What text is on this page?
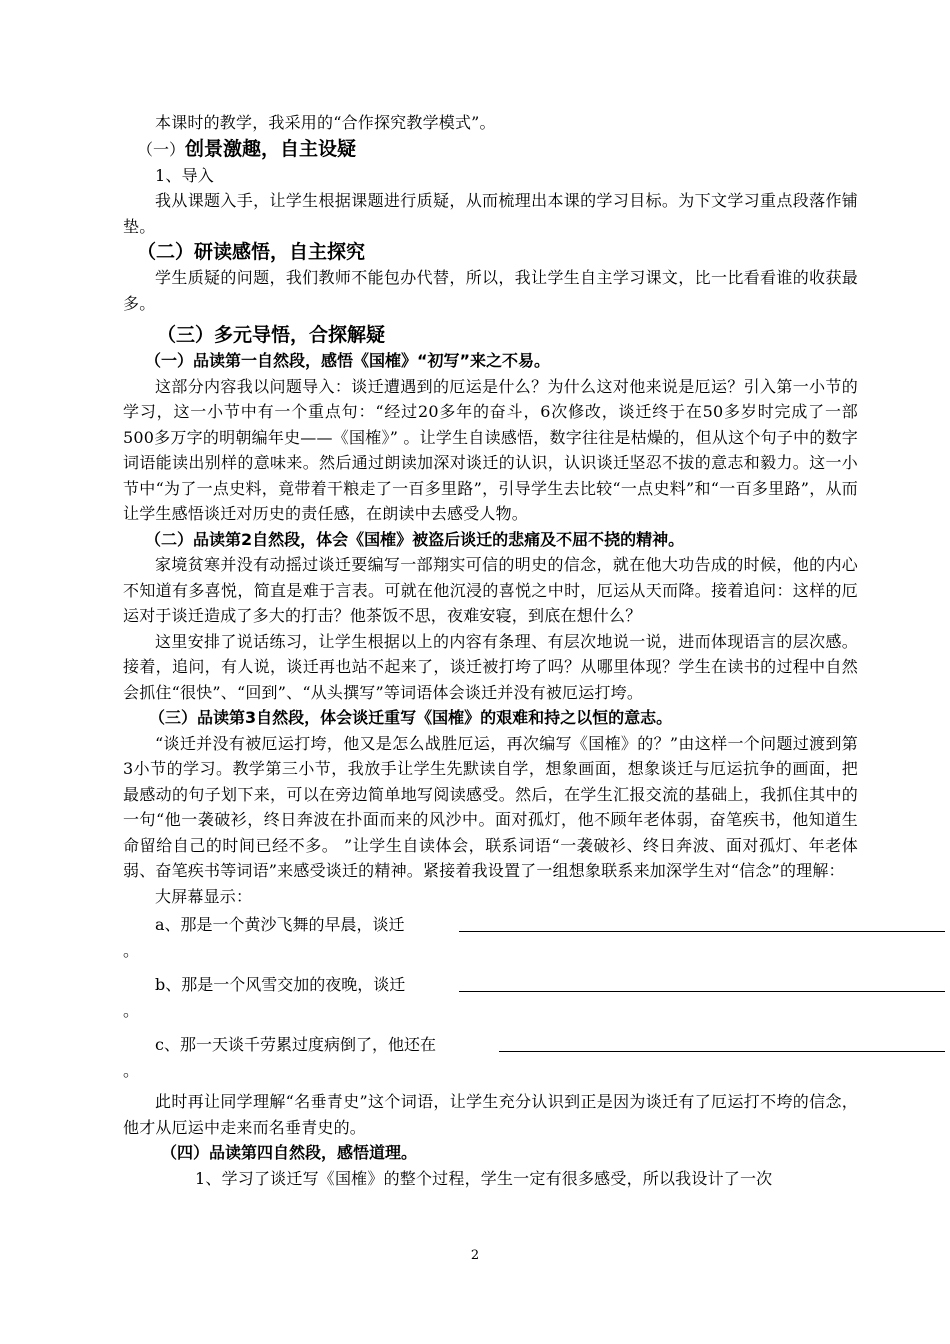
本课时的教学，我采用的“合作探究教学模式”。

（一）创景激趣，自主设疑

1、导入

我从课题入手，让学生根据课题进行质疑，从而梳理出本课的学习目标。为下文学习重点段落作铺垫。

（二）研读感悟，自主探究

学生质疑的问题，我们教师不能包办代替，所以，我让学生自主学习课文，比一比看看谁的收获最多。

（三）多元导悟，合探解疑
（一）品读第一自然段，感悟《国榷》“初写”来之不易。

这部分内容我以问题导入：谈迁遭遇到的厄运是什么？为什么这对他来说是厄运？引入第一小节的学习，这一小节中有一个重点句：“经过20多年的奋斗，6次修改，谈迁终于在50多岁时完成了一部500多万字的明朝编年史——《国榷》” 。让学生自读感悟，数字往往是枯燥的，但从这个句子中的数字词语能读出别样的意味来。然后通过朗读加深对谈迁的认识，认识谈迁坚忍不拔的意志和毅力。这一小节中“为了一点史料，竟带着干粮走了一百多里路”，引导学生去比较“一点史料”和“一百多里路”，从而让学生感悟谈迁对历史的责任感，在朗读中去感受人物。

（二）品读第2自然段，体会《国榷》被盗后谈迁的悲痛及不屈不挠的精神。

家境贫寒并没有动摇过谈迁要编写一部翔实可信的明史的信念，就在他大功告成的时候，他的内心不知道有多喜悦，简直是难于言表。可就在他沉浸的喜悦之中时，厄运从天而降。接着追问：这样的厄运对于谈迁造成了多大的打击？他茶饭不思，夜难安寝，到底在想什么？

这里安排了说话练习，让学生根据以上的内容有条理、有层次地说一说，进而体现语言的层次感。接着，追问，有人说，谈迁再也站不起来了，谈迁被打垮了吗？从哪里体现？学生在读书的过程中自然会抓住“很快”、“回到”、“从头撰写”等词语体会谈迁并没有被厄运打垮。

（三）品读第3自然段，体会谈迁重写《国榷》的艰难和持之以恒的意志。

“谈迁并没有被厄运打垮，他又是怎么战胜厄运，再次编写《国榷》的？”由这样一个问题过渡到第3小节的学习。教学第三小节，我放手让学生先默读自学，想象画面，想象谈迁与厄运抗争的画面，把最感动的句子划下来，可以在旁边简单地写阅读感受。然后，在学生汇报交流的基础上，我抓住其中的一句“他一袭破衫，终日奔波在扑面而来的风沙中。面对孤灯，他不顾年老体弱，奋笔疾书，他知道生命留给自己的时间已经不多。 ”让学生自读体会，联系词语“一袭破衫、终日奔波、面对孤灯、年老体弱、奋笔疾书等词语”来感受谈迁的精神。紧接着我设置了一组想象联系来加深学生对“信念”的理解：

大屏幕显示：

a、那是一个黄沙飞舞的早晨，谈迁
。
b、那是一个风雪交加的夜晚，谈迁
。
c、那一天谈千劳累过度病倒了，他还在
。

此时再让同学理解“名垂青史”这个词语，让学生充分认识到正是因为谈迁有了厄运打不垮的信念，他才从厄运中走来而名垂青史的。

（四）品读第四自然段，感悟道理。

1、学习了谈迁写《国榷》的整个过程，学生一定有很多感受，所以我设计了一次

2
